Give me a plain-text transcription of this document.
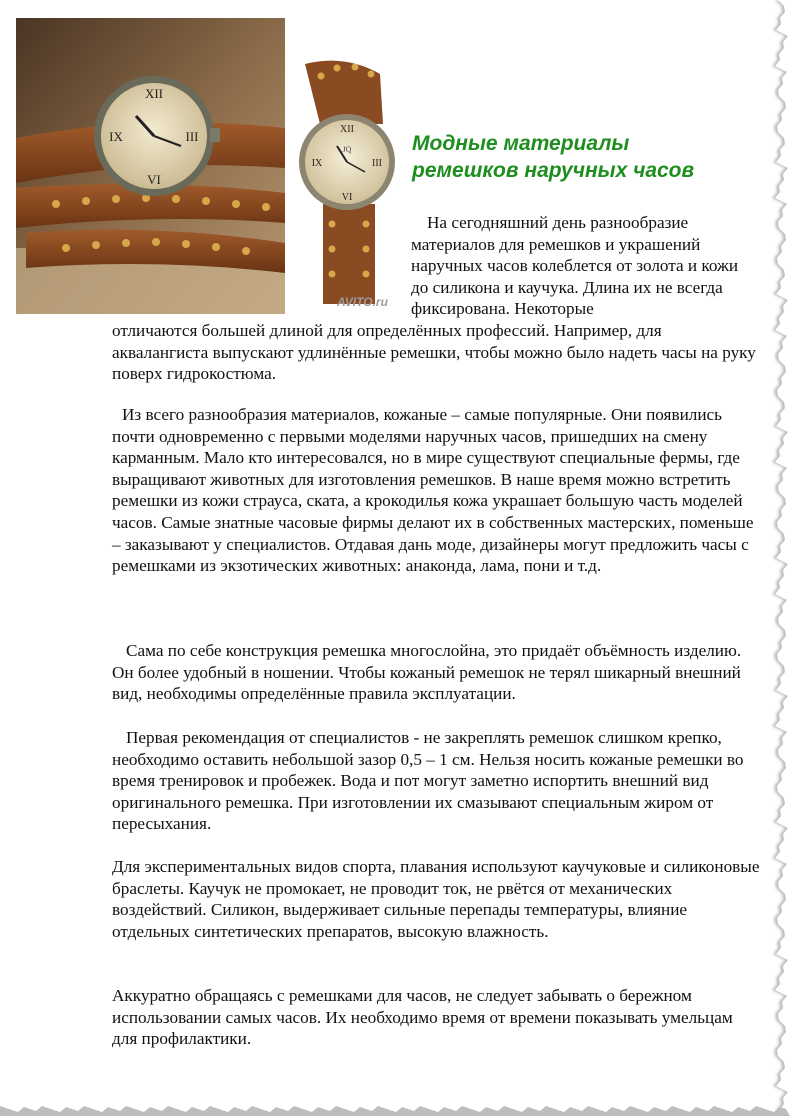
XII
III
VI
IX	XII
III
VI
IX
JQ
AVITO.ru
Модные материалы
ремешков наручных часов

На сегодняшний день разнообразие материалов для ремешков и украшений наручных часов колеблется от золота и кожи до силикона и каучука. Длина их не всегда фиксирована. Некоторые

отличаются большей длиной для определённых профессий. Например, для аквалангиста выпускают удлинённые ремешки, чтобы можно было надеть часы на руку поверх гидрокостюма.

Из всего разнообразия материалов, кожаные – самые популярные. Они появились почти одновременно с первыми моделями наручных часов, пришедших на смену карманным. Мало кто интересовался, но в мире существуют специальные фермы, где выращивают животных для изготовления ремешков. В наше время можно встретить ремешки из кожи страуса, ската, а крокодилья кожа украшает большую часть моделей часов. Самые знатные часовые фирмы делают их в собственных мастерских, поменьше – заказывают у специалистов. Отдавая дань моде, дизайнеры могут предложить часы с ремешками из экзотических животных: анаконда, лама, пони и т.д.

Сама по себе конструкция ремешка многослойна, это придаёт объёмность изделию. Он более удобный в ношении. Чтобы кожаный ремешок не терял шикарный внешний вид, необходимы определённые правила эксплуатации.

Первая рекомендация от специалистов - не закреплять ремешок слишком крепко, необходимо оставить небольшой зазор 0,5 – 1 см. Нельзя носить кожаные ремешки во время тренировок и пробежек. Вода и пот могут заметно испортить внешний вид оригинального ремешка. При изготовлении их смазывают специальным жиром от пересыхания.

Для экспериментальных видов спорта, плавания используют каучуковые и силиконовые браслеты. Каучук не промокает, не проводит ток, не рвётся от механических воздействий. Силикон, выдерживает сильные перепады температуры, влияние отдельных синтетических препаратов, высокую влажность.

Аккуратно обращаясь с ремешками для часов, не следует забывать о бережном использовании самых часов. Их необходимо время от времени показывать умельцам для профилактики.
